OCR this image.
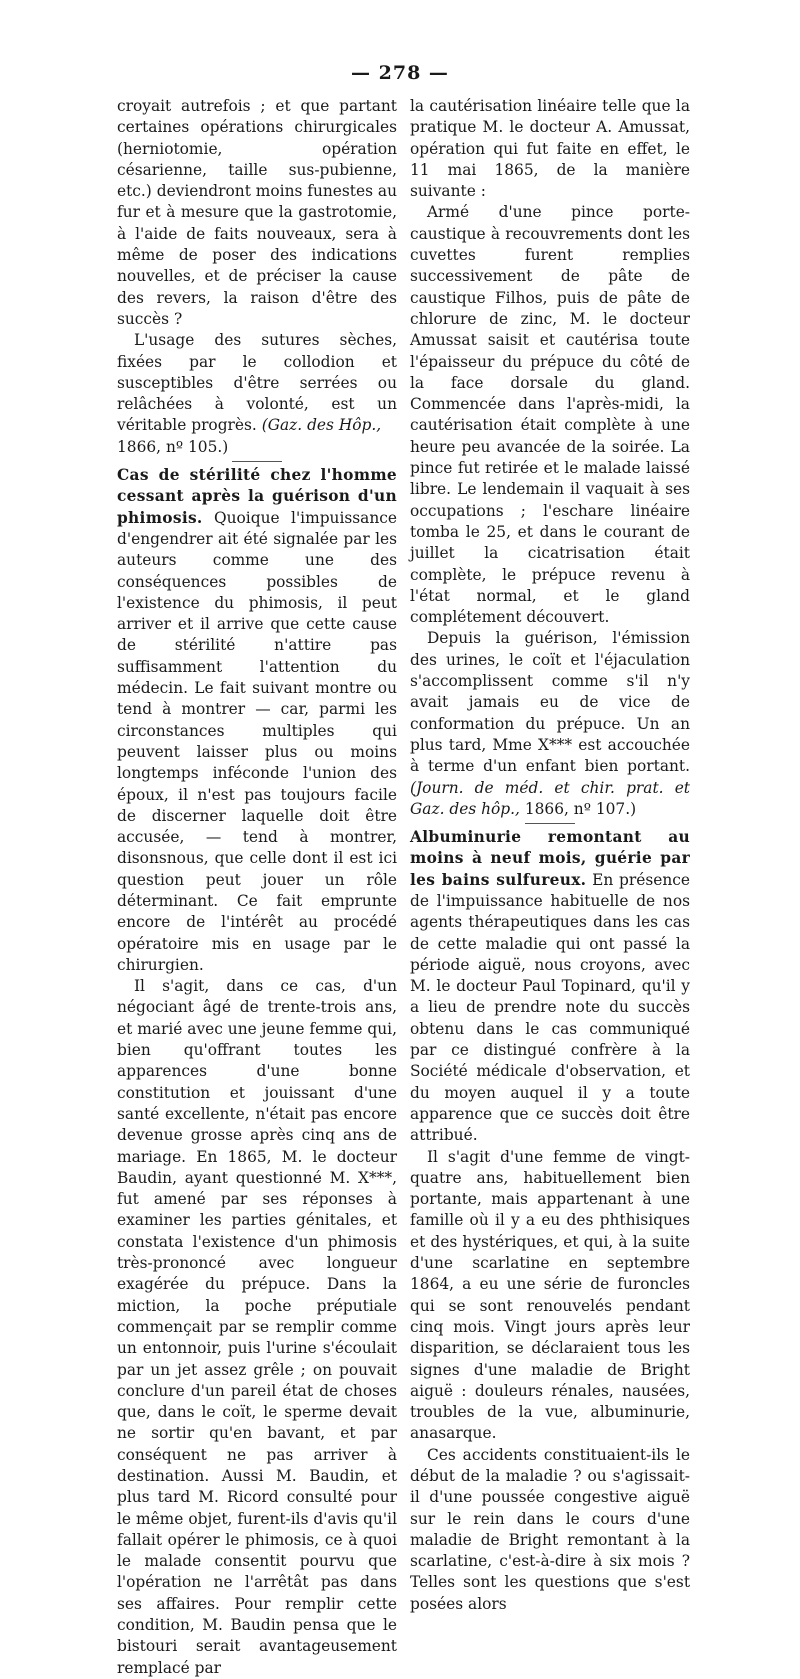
— 278 —

croyait autrefois ; et que partant certaines opérations chirurgicales (herniotomie, opération césarienne, taille sus-pubienne, etc.) deviendront moins funestes au fur et à mesure que la gastrotomie, à l'aide de faits nouveaux, sera à même de poser des indications nouvelles, et de préciser la cause des revers, la raison d'être des succès ?

L'usage des sutures sèches, fixées par le collodion et susceptibles d'être serrées ou relâchées à volonté, est un véritable progrès. (Gaz. des Hôp.,
1866, nº 105.)

Cas de stérilité chez l'homme cessant après la guérison d'un phimosis. Quoique l'impuissance d'engendrer ait été signalée par les auteurs comme une des conséquences possibles de l'existence du phimosis, il peut arriver et il arrive que cette cause de stérilité n'attire pas suffisamment l'attention du médecin. Le fait suivant montre ou tend à montrer — car, parmi les circonstances multiples qui peuvent laisser plus ou moins longtemps inféconde l'union des époux, il n'est pas toujours facile de discerner laquelle doit être accusée, — tend à montrer, disonsnous, que celle dont il est ici question peut jouer un rôle déterminant. Ce fait emprunte encore de l'intérêt au procédé opératoire mis en usage par le chirurgien.

Il s'agit, dans ce cas, d'un négociant âgé de trente-trois ans, et marié avec une jeune femme qui, bien qu'offrant toutes les apparences d'une bonne constitution et jouissant d'une santé excellente, n'était pas encore devenue grosse après cinq ans de mariage. En 1865, M. le docteur Baudin, ayant questionné M. X***, fut amené par ses réponses à examiner les parties génitales, et constata l'existence d'un phimosis très-prononcé avec longueur exagérée du prépuce. Dans la miction, la poche préputiale commençait par se remplir comme un entonnoir, puis l'urine s'écoulait par un jet assez grêle ; on pouvait conclure d'un pareil état de choses que, dans le coït, le sperme devait ne sortir qu'en bavant, et par conséquent ne pas arriver à destination. Aussi M. Baudin, et plus tard M. Ricord consulté pour le même objet, furent-ils d'avis qu'il fallait opérer le phimosis, ce à quoi le malade consentit pourvu que l'opération ne l'arrêtât pas dans ses affaires. Pour remplir cette condition, M. Baudin pensa que le bistouri serait avantageusement remplacé par

la cautérisation linéaire telle que la pratique M. le docteur A. Amussat, opération qui fut faite en effet, le 11 mai 1865, de la manière suivante :

Armé d'une pince porte-caustique à recouvrements dont les cuvettes furent remplies successivement de pâte de caustique Filhos, puis de pâte de chlorure de zinc, M. le docteur Amussat saisit et cautérisa toute l'épaisseur du prépuce du côté de la face dorsale du gland. Commencée dans l'après-midi, la cautérisation était complète à une heure peu avancée de la soirée. La pince fut retirée et le malade laissé libre. Le lendemain il vaquait à ses occupations ; l'eschare linéaire tomba le 25, et dans le courant de juillet la cicatrisation était complète, le prépuce revenu à l'état normal, et le gland complétement découvert.

Depuis la guérison, l'émission des urines, le coït et l'éjaculation s'accomplissent comme s'il n'y avait jamais eu de vice de conformation du prépuce. Un an plus tard, Mme X*** est accouchée à terme d'un enfant bien portant. (Journ. de méd. et chir. prat. et Gaz. des hôp., 1866, nº 107.)

Albuminurie remontant au moins à neuf mois, guérie par les bains sulfureux. En présence de l'impuissance habituelle de nos agents thérapeutiques dans les cas de cette maladie qui ont passé la période aiguë, nous croyons, avec M. le docteur Paul Topinard, qu'il y a lieu de prendre note du succès obtenu dans le cas communiqué par ce distingué confrère à la Société médicale d'observation, et du moyen auquel il y a toute apparence que ce succès doit être attribué.

Il s'agit d'une femme de vingt-quatre ans, habituellement bien portante, mais appartenant à une famille où il y a eu des phthisiques et des hystériques, et qui, à la suite d'une scarlatine en septembre 1864, a eu une série de furoncles qui se sont renouvelés pendant cinq mois. Vingt jours après leur disparition, se déclaraient tous les signes d'une maladie de Bright aiguë : douleurs rénales, nausées, troubles de la vue, albuminurie, anasarque.

Ces accidents constituaient-ils le début de la maladie ? ou s'agissait-il d'une poussée congestive aiguë sur le rein dans le cours d'une maladie de Bright remontant à la scarlatine, c'est-à-dire à six mois ? Telles sont les questions que s'est posées alors
